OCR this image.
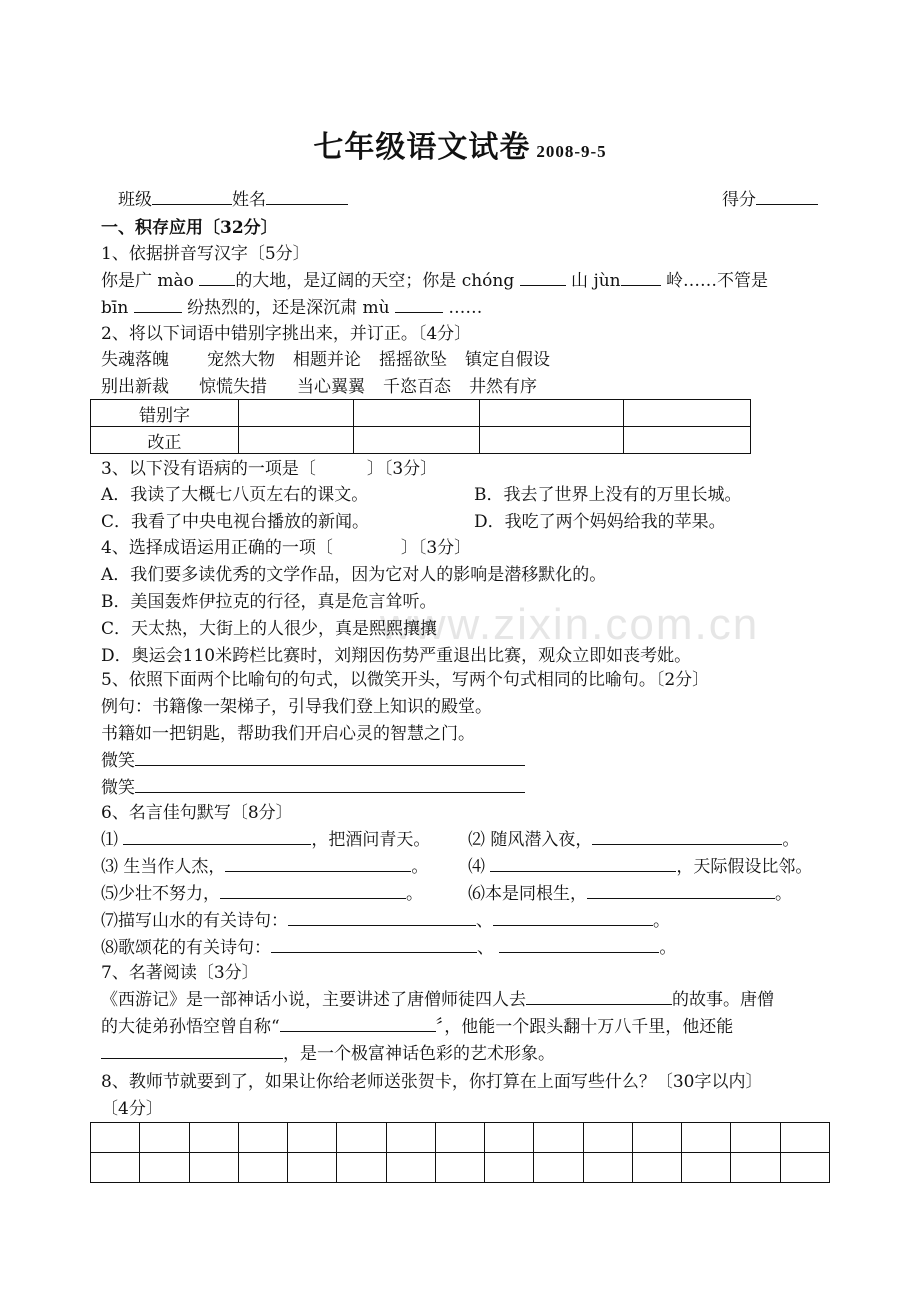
www.zixin.com.cn
七年级语文试卷 2008-9-5
班级	姓名	得分
一、积存应用〔32分〕
1、依据拼音写汉字〔5分〕
你是广 mào 的大地，是辽阔的天空；你是 chóng	山 jùn 岭……不管是
bīn	纷热烈的，还是深沉肃 mù	……
2、将以下词语中错别字挑出来，并订正。〔4分〕
失魂落魄 宠然大物 相题并论 摇摇欲坠 镇定自假设
别出新裁 惊慌失措 当心翼翼 千恣百态 井然有序
错别字				
改正				
3、以下没有语病的一项是〔　　　〕〔3分〕
A．我读了大概七八页左右的课文。	B．我去了世界上没有的万里长城。
C．我看了中央电视台播放的新闻。	D．我吃了两个妈妈给我的苹果。
4、选择成语运用正确的一项〔　　　　〕〔3分〕
A．我们要多读优秀的文学作品，因为它对人的影响是潜移默化的。
B．美国轰炸伊拉克的行径，真是危言耸听。
C．天太热，大街上的人很少，真是熙熙攘攘
D．奥运会110米跨栏比赛时，刘翔因伤势严重退出比赛，观众立即如丧考妣。
5、依照下面两个比喻句的句式，以微笑开头，写两个句式相同的比喻句。〔2分〕
例句：书籍像一架梯子，引导我们登上知识的殿堂。
书籍如一把钥匙，帮助我们开启心灵的智慧之门。
微笑
微笑
6、名言佳句默写〔8分〕
⑴	，把酒问青天。 ⑵ 随风潜入夜，	。
⑶ 生当作人杰，	。 ⑷	，天际假设比邻。
⑸少壮不努力，	。	⑹本是同根生，	。
⑺描写山水的有关诗句：	、	。
⑻歌颂花的有关诗句：	、	。
7、名著阅读〔3分〕
《西游记》是一部神话小说，主要讲述了唐僧师徒四人去	的故事。唐僧
的大徒弟孙悟空曾自称“	〞，他能一个跟头翻十万八千里，他还能
，是一个极富神话色彩的艺术形象。
8、教师节就要到了，如果让你给老师送张贺卡，你打算在上面写些什么？〔30字以内〕
〔4分〕
